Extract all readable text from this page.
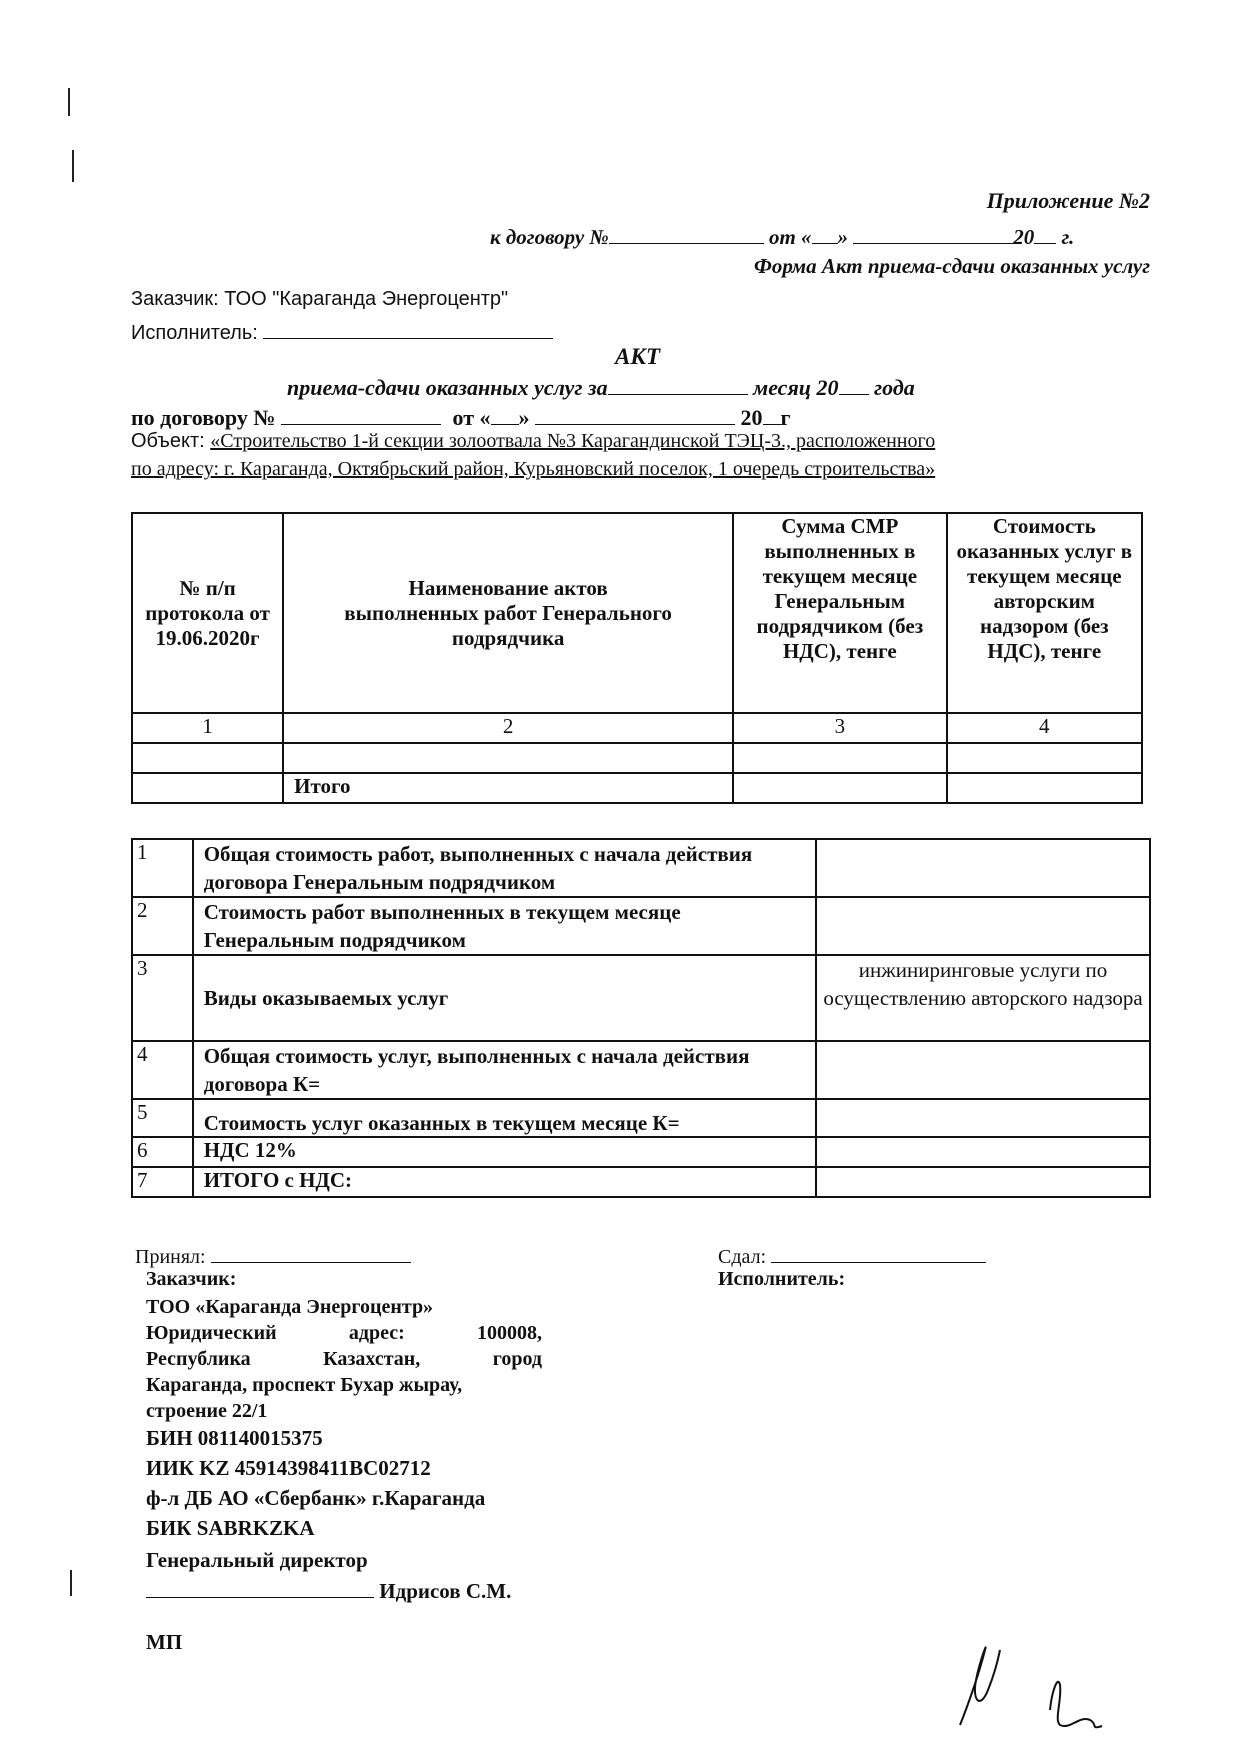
Приложение №2
к договору №	от « »	20 г.
Форма Акт приема-сдачи оказанных услуг
Заказчик: ТОО "Караганда Энергоцентр"
Исполнитель:
АКТ
приема-сдачи оказанных услуг за	месяц 20 года
по договору №	от « »	20 г
Объект: «Строительство 1-й секции золоотвала №3 Карагандинской ТЭЦ-3., расположенного
по адресу: г. Караганда, Октябрьский район, Курьяновский поселок, 1 очередь строительства»
№ п/п протокола от 19.06.2020г	Наименование актов выполненных работ Генерального подрядчика	Сумма СМР выполненных в текущем месяце Генеральным подрядчиком (без НДС), тенге	Стоимость оказанных услуг в текущем месяце авторским надзором (без НДС), тенге
1	2	3	4

	Итого		
1	Общая стоимость работ, выполненных с начала действия договора Генеральным подрядчиком	
2	Стоимость работ выполненных в текущем месяце Генеральным подрядчиком	
3	Виды оказываемых услуг	инжиниринговые услуги по осуществлению авторского надзора
4	Общая стоимость услуг, выполненных с начала действия договора К=	
5	Стоимость услуг оказанных в текущем месяце К=	
6	НДС 12%	
7	ИТОГО с НДС:	
Принял:
Заказчик:
ТОО «Караганда Энергоцентр»
Юридический	адрес:	100008,
Республика	Казахстан,	город
Караганда, проспект Бухар жырау,
строение 22/1
БИН 081140015375
ИИК KZ 45914398411BC02712
ф-л ДБ АО «Сбербанк» г.Караганда
БИК SABRKZKA
Генеральный директор
Идрисов С.М.
МП
Сдал:
Исполнитель:
